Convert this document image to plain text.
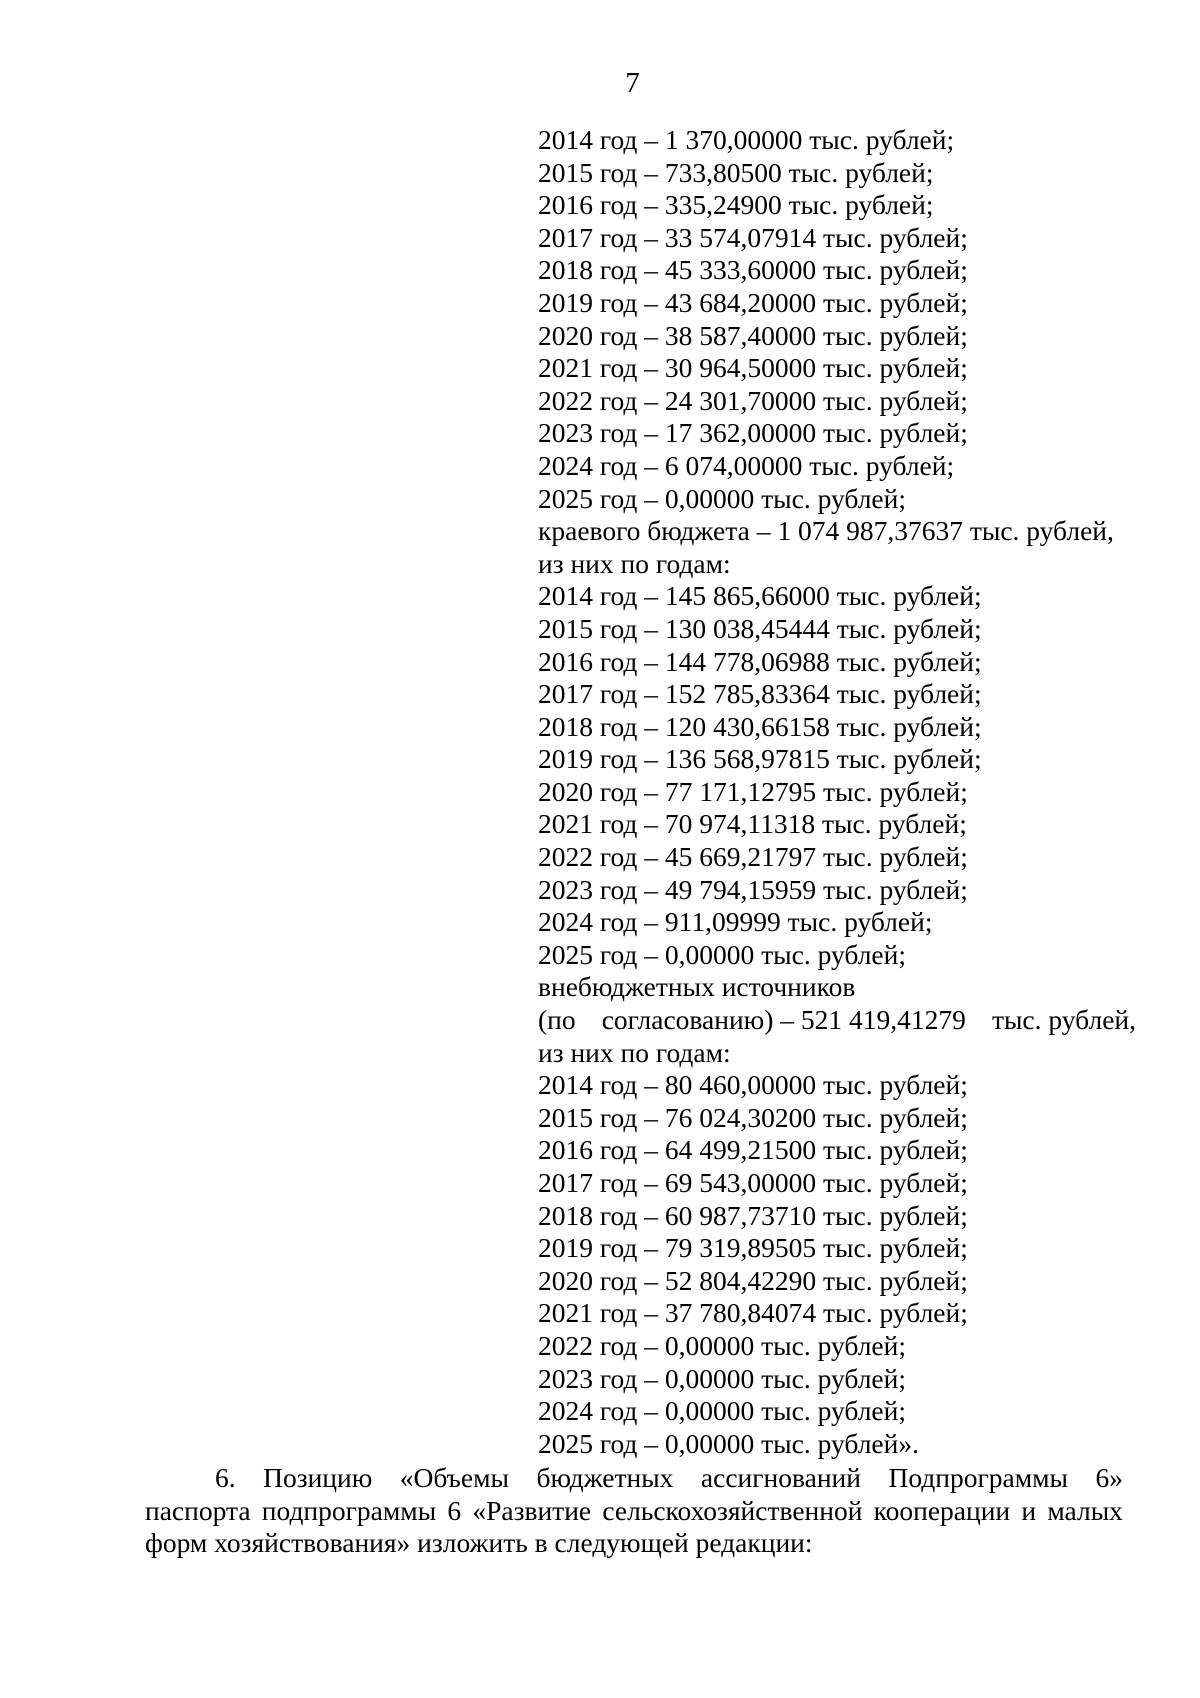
7
2014 год – 1 370,00000 тыс. рублей;
2015 год – 733,80500 тыс. рублей;
2016 год – 335,24900 тыс. рублей;
2017 год – 33 574,07914 тыс. рублей;
2018 год – 45 333,60000 тыс. рублей;
2019 год – 43 684,20000 тыс. рублей;
2020 год – 38 587,40000 тыс. рублей;
2021 год – 30 964,50000 тыс. рублей;
2022 год – 24 301,70000 тыс. рублей;
2023 год – 17 362,00000 тыс. рублей;
2024 год – 6 074,00000 тыс. рублей;
2025 год – 0,00000 тыс. рублей;
краевого бюджета – 1 074 987,37637 тыс. рублей,
из них по годам:
2014 год – 145 865,66000 тыс. рублей;
2015 год – 130 038,45444 тыс. рублей;
2016 год – 144 778,06988 тыс. рублей;
2017 год – 152 785,83364 тыс. рублей;
2018 год – 120 430,66158 тыс. рублей;
2019 год – 136 568,97815 тыс. рублей;
2020 год – 77 171,12795 тыс. рублей;
2021 год – 70 974,11318 тыс. рублей;
2022 год – 45 669,21797 тыс. рублей;
2023 год – 49 794,15959 тыс. рублей;
2024 год – 911,09999 тыс. рублей;
2025 год – 0,00000 тыс. рублей;
внебюджетных источников
(по согласованию) – 521 419,41279 тыс. рублей,
из них по годам:
2014 год – 80 460,00000 тыс. рублей;
2015 год – 76 024,30200 тыс. рублей;
2016 год – 64 499,21500 тыс. рублей;
2017 год – 69 543,00000 тыс. рублей;
2018 год – 60 987,73710 тыс. рублей;
2019 год – 79 319,89505 тыс. рублей;
2020 год – 52 804,42290 тыс. рублей;
2021 год – 37 780,84074 тыс. рублей;
2022 год – 0,00000 тыс. рублей;
2023 год – 0,00000 тыс. рублей;
2024 год – 0,00000 тыс. рублей;
2025 год – 0,00000 тыс. рублей».
6. Позицию «Объемы бюджетных ассигнований Подпрограммы 6»
паспорта подпрограммы 6 «Развитие сельскохозяйственной кооперации и малых
форм хозяйствования» изложить в следующей редакции:
